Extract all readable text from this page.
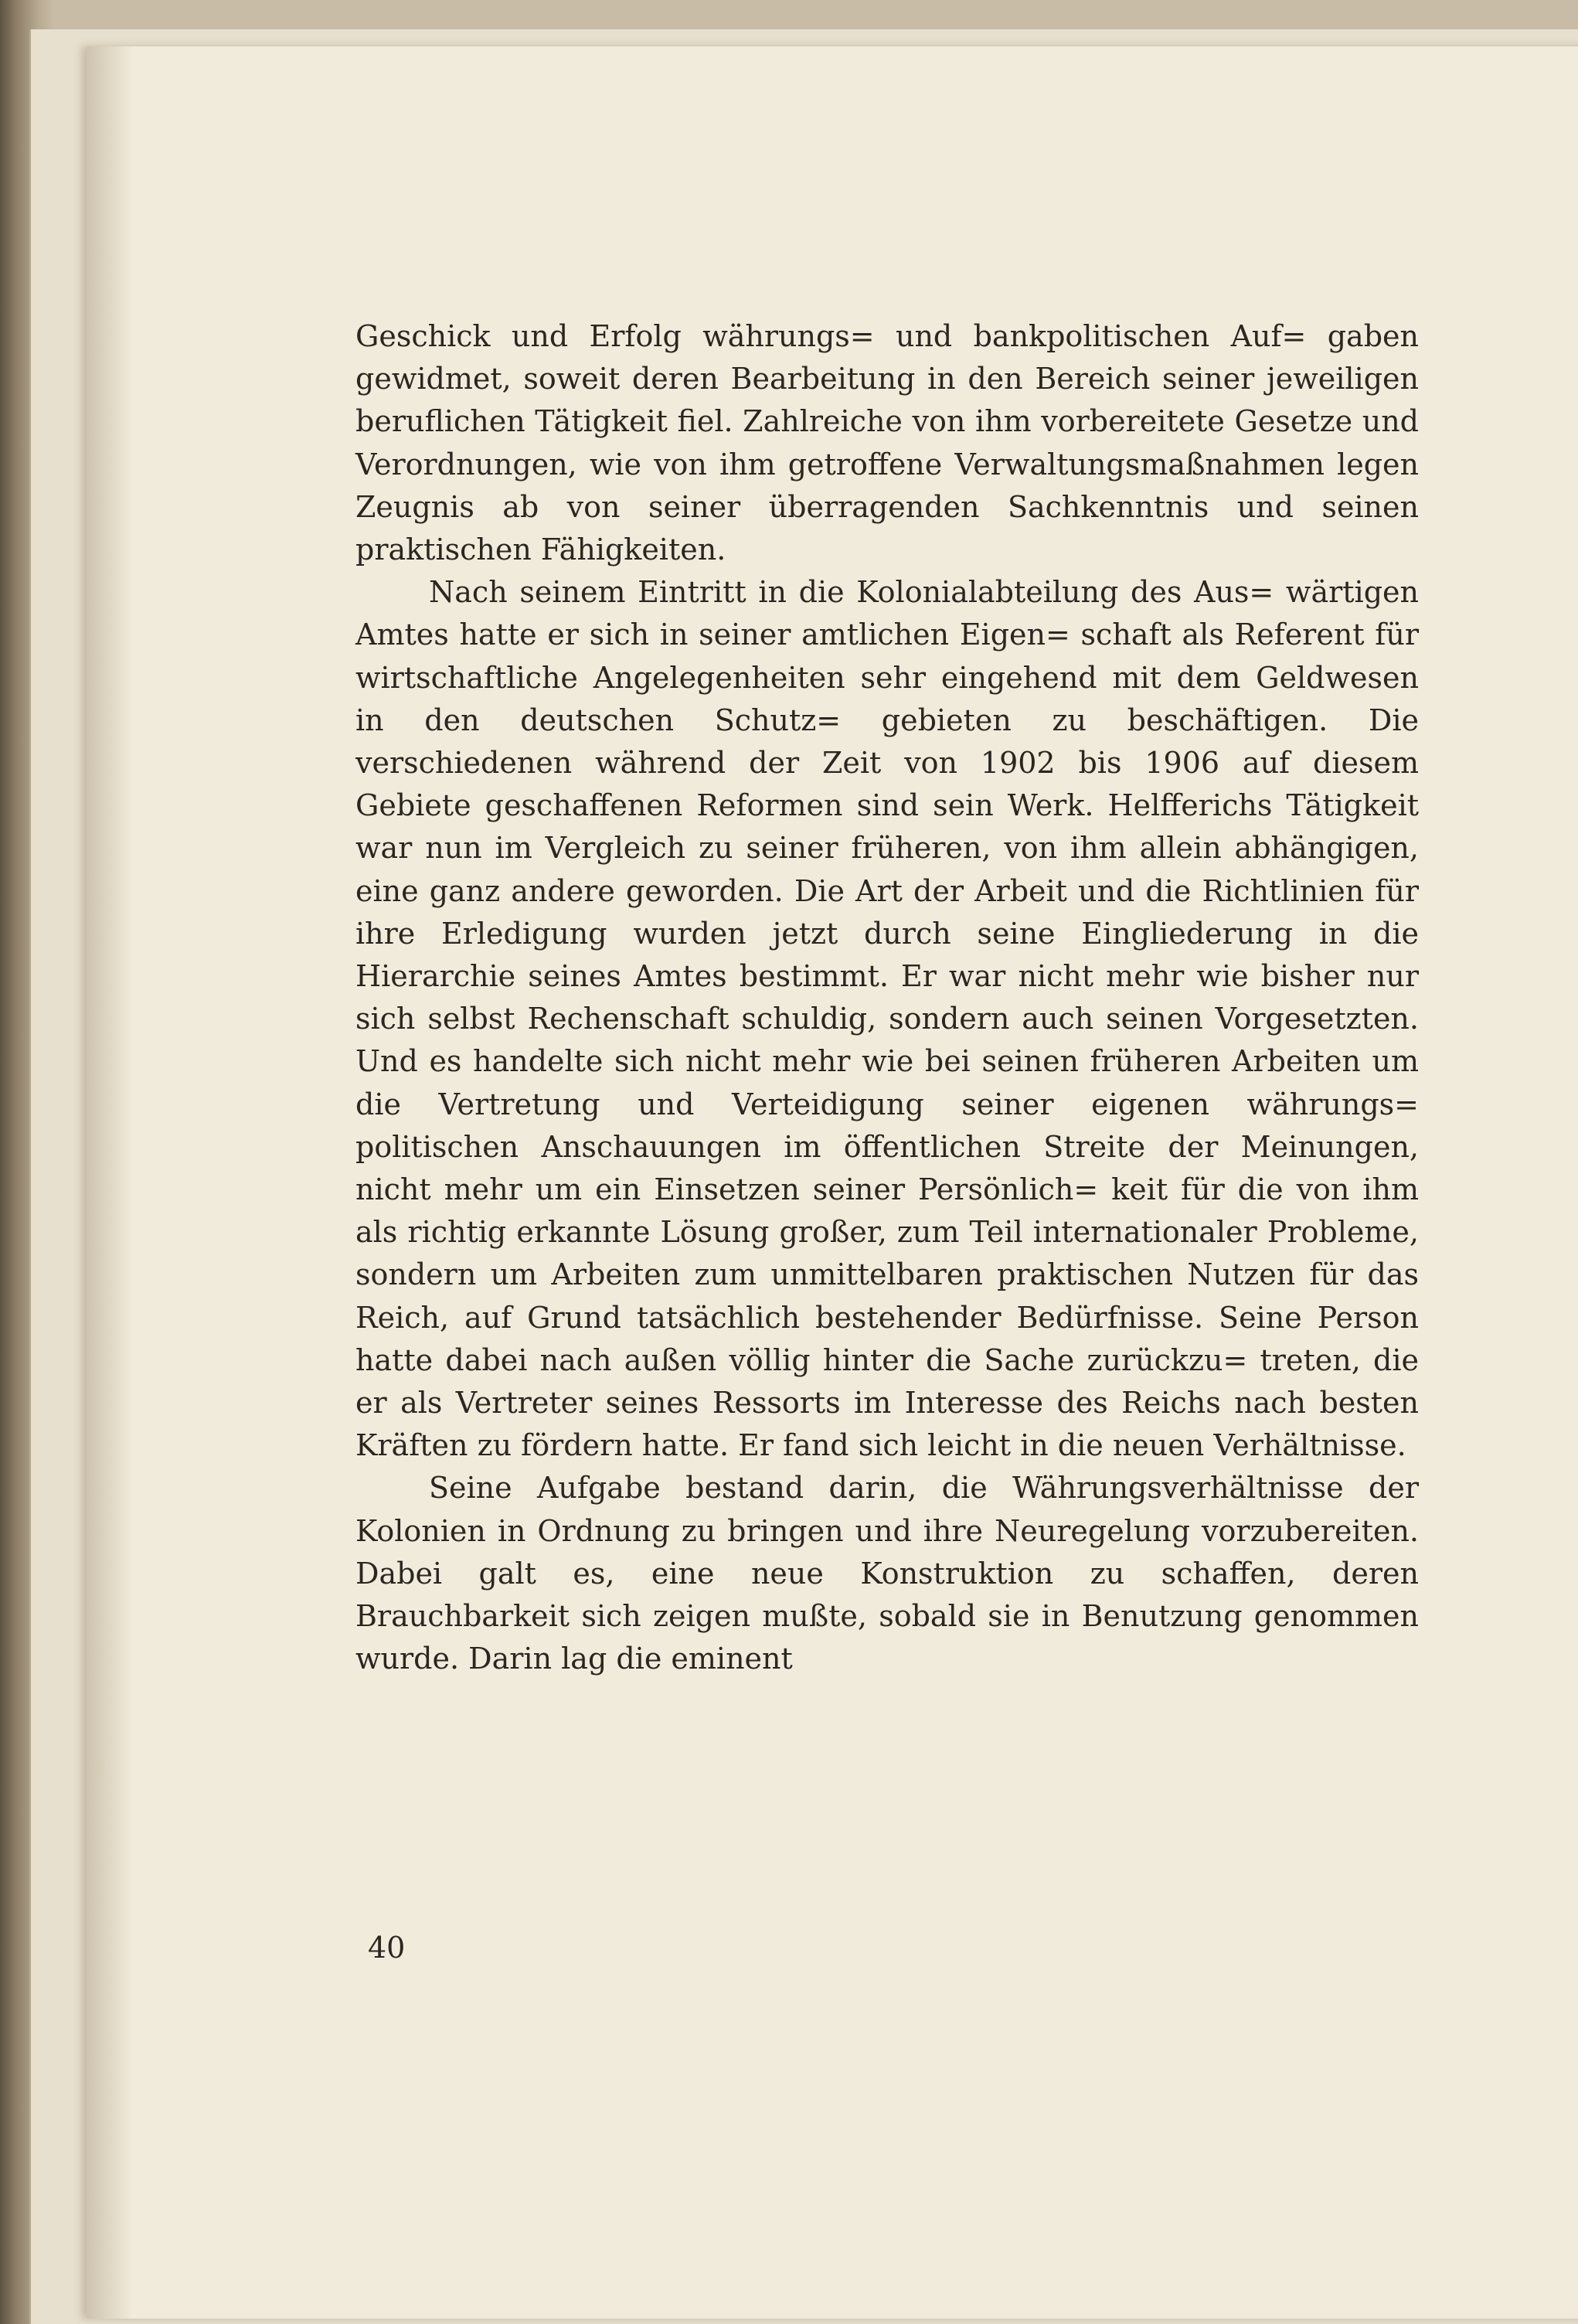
Geschick und Erfolg währungs= und bankpolitischen Auf= gaben gewidmet, soweit deren Bearbeitung in den Bereich seiner jeweiligen beruflichen Tätigkeit fiel. Zahlreiche von ihm vorbereitete Gesetze und Verordnungen, wie von ihm getroffene Verwaltungsmaßnahmen legen Zeugnis ab von seiner überragenden Sachkenntnis und seinen praktischen Fähigkeiten.

Nach seinem Eintritt in die Kolonialabteilung des Aus= wärtigen Amtes hatte er sich in seiner amtlichen Eigen= schaft als Referent für wirtschaftliche Angelegenheiten sehr eingehend mit dem Geldwesen in den deutschen Schutz= gebieten zu beschäftigen. Die verschiedenen während der Zeit von 1902 bis 1906 auf diesem Gebiete geschaffenen Reformen sind sein Werk. Helfferichs Tätigkeit war nun im Vergleich zu seiner früheren, von ihm allein abhängigen, eine ganz andere geworden. Die Art der Arbeit und die Richtlinien für ihre Erledigung wurden jetzt durch seine Eingliederung in die Hierarchie seines Amtes bestimmt. Er war nicht mehr wie bisher nur sich selbst Rechenschaft schuldig, sondern auch seinen Vorgesetzten. Und es handelte sich nicht mehr wie bei seinen früheren Arbeiten um die Vertretung und Verteidigung seiner eigenen währungs= politischen Anschauungen im öffentlichen Streite der Meinungen, nicht mehr um ein Einsetzen seiner Persönlich= keit für die von ihm als richtig erkannte Lösung großer, zum Teil internationaler Probleme, sondern um Arbeiten zum unmittelbaren praktischen Nutzen für das Reich, auf Grund tatsächlich bestehender Bedürfnisse. Seine Person hatte dabei nach außen völlig hinter die Sache zurückzu= treten, die er als Vertreter seines Ressorts im Interesse des Reichs nach besten Kräften zu fördern hatte. Er fand sich leicht in die neuen Verhältnisse.

Seine Aufgabe bestand darin, die Währungsverhältnisse der Kolonien in Ordnung zu bringen und ihre Neuregelung vorzubereiten. Dabei galt es, eine neue Konstruktion zu schaffen, deren Brauchbarkeit sich zeigen mußte, sobald sie in Benutzung genommen wurde. Darin lag die eminent

40
